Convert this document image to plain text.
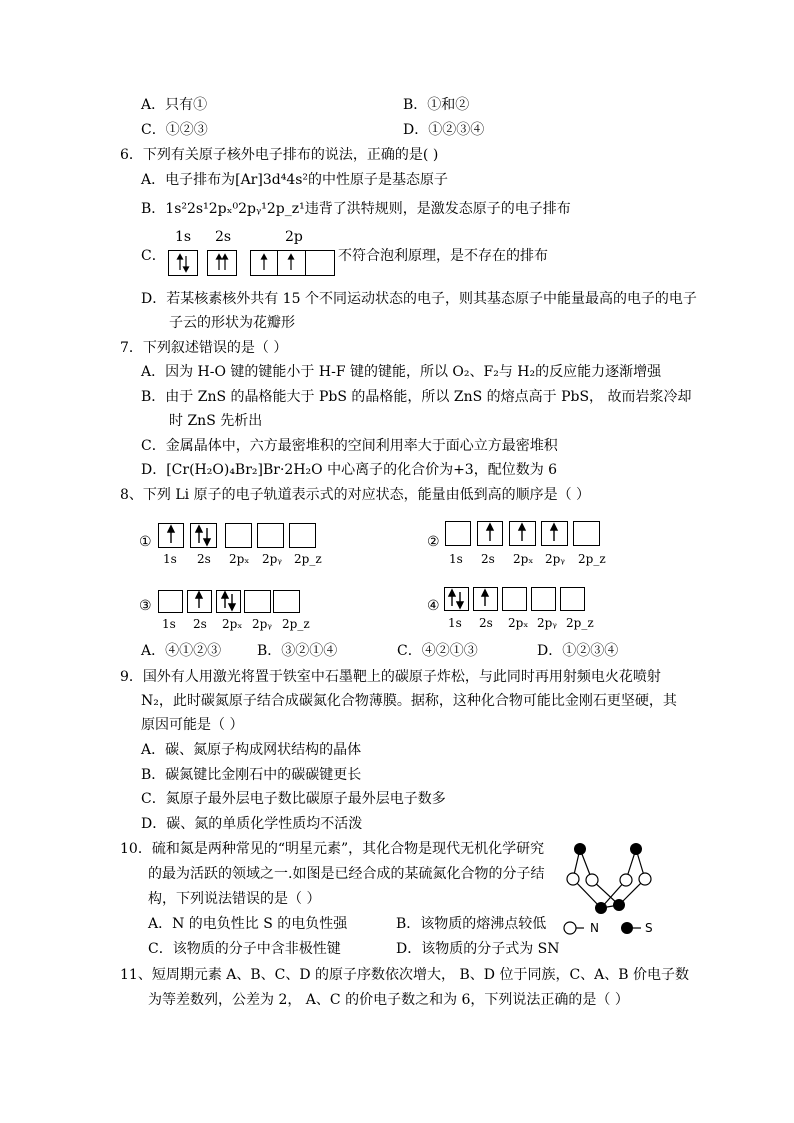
A．只有①	B．①和②
C．①②③	D．①②③④
6．下列有关原子核外电子排布的说法，正确的是( )
A．电子排布为[Ar]3d⁴4s²的中性原子是基态原子
B．1s²2s¹2pₓ⁰2pᵧ¹2p_z¹违背了洪特规则，是激发态原子的电子排布
C．
1s 2s	2p
不符合泡利原理，是不存在的排布
D．若某核素核外共有 15 个不同运动状态的电子，则其基态原子中能量最高的电子的电子
子云的形状为花瓣形
7．下列叙述错误的是（ ）
A．因为 H-O 键的键能小于 H-F 键的键能，所以 O₂、F₂与 H₂的反应能力逐渐增强
B．由于 ZnS 的晶格能大于 PbS 的晶格能，所以 ZnS 的熔点高于 PbS， 故而岩浆冷却
时 ZnS 先析出
C．金属晶体中，六方最密堆积的空间利用率大于面心立方最密堆积
D．[Cr(H₂O)₄Br₂]Br·2H₂O 中心离子的化合价为+3，配位数为 6
8、下列 Li 原子的电子轨道表示式的对应状态，能量由低到高的顺序是（ ）
①
1s 2s 2pₓ 2pᵧ 2p_z
②
1s 2s 2pₓ 2pᵧ 2p_z
③
1s 2s 2pₓ 2pᵧ 2p_z
④
1s 2s 2pₓ 2pᵧ 2p_z
A．④①②③	B．③②①④	C．④②①③	D．①②③④
9．国外有人用激光将置于铁室中石墨靶上的碳原子炸松，与此同时再用射频电火花喷射
N₂，此时碳氮原子结合成碳氮化合物薄膜。据称，这种化合物可能比金刚石更坚硬，其
原因可能是（ ）
A．碳、氮原子构成网状结构的晶体
B．碳氮键比金刚石中的碳碳键更长
C．氮原子最外层电子数比碳原子最外层电子数多
D．碳、氮的单质化学性质均不活泼
10．硫和氮是两种常见的“明星元素”，其化合物是现代无机化学研究
的最为活跃的领域之一.如图是已经合成的某硫氮化合物的分子结
构，下列说法错误的是（ ）
A．N 的电负性比 S 的电负性强	B．该物质的熔沸点较低
C．该物质的分子中含非极性键	D．该物质的分子式为 SN
N	S
11、短周期元素 A、B、C、D 的原子序数依次增大， B、D 位于同族，C、A、B 价电子数
为等差数列，公差为 2， A、C 的价电子数之和为 6，下列说法正确的是（ ）
